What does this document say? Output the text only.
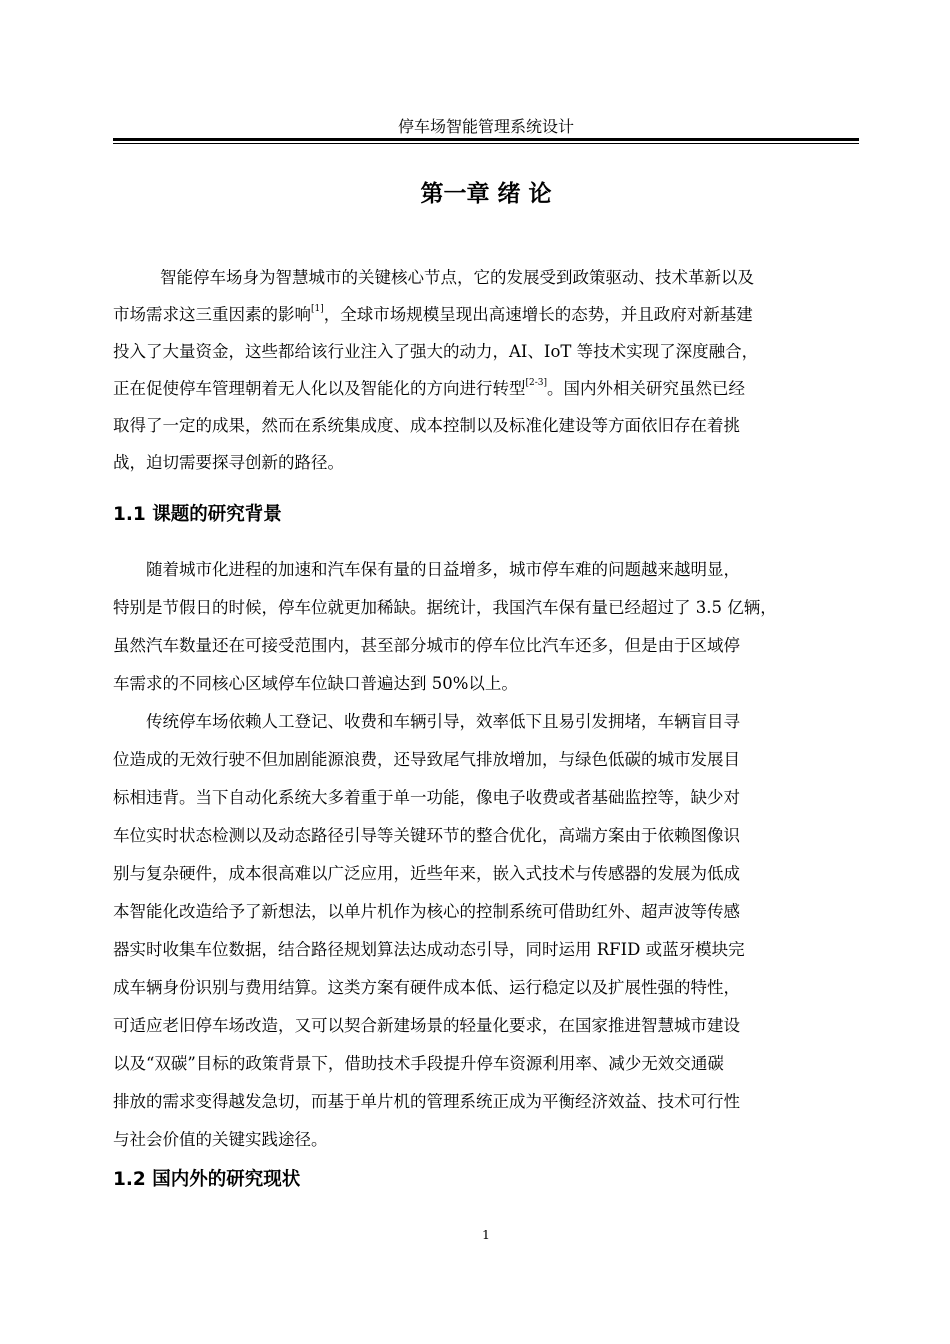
停车场智能管理系统设计
第一章 绪 论
智能停车场身为智慧城市的关键核心节点，它的发展受到政策驱动、技术革新以及
市场需求这三重因素的影响[1]，全球市场规模呈现出高速增长的态势，并且政府对新基建
投入了大量资金，这些都给该行业注入了强大的动力，AI、IoT 等技术实现了深度融合，
正在促使停车管理朝着无人化以及智能化的方向进行转型[2-3]。国内外相关研究虽然已经
取得了一定的成果，然而在系统集成度、成本控制以及标准化建设等方面依旧存在着挑
战，迫切需要探寻创新的路径。
1.1 课题的研究背景
随着城市化进程的加速和汽车保有量的日益增多，城市停车难的问题越来越明显，
特别是节假日的时候，停车位就更加稀缺。据统计，我国汽车保有量已经超过了 3.5 亿辆，
虽然汽车数量还在可接受范围内，甚至部分城市的停车位比汽车还多，但是由于区域停
车需求的不同核心区域停车位缺口普遍达到 50%以上。
传统停车场依赖人工登记、收费和车辆引导，效率低下且易引发拥堵，车辆盲目寻
位造成的无效行驶不但加剧能源浪费，还导致尾气排放增加，与绿色低碳的城市发展目
标相违背。当下自动化系统大多着重于单一功能，像电子收费或者基础监控等，缺少对
车位实时状态检测以及动态路径引导等关键环节的整合优化，高端方案由于依赖图像识
别与复杂硬件，成本很高难以广泛应用，近些年来，嵌入式技术与传感器的发展为低成
本智能化改造给予了新想法，以单片机作为核心的控制系统可借助红外、超声波等传感
器实时收集车位数据，结合路径规划算法达成动态引导，同时运用 RFID 或蓝牙模块完
成车辆身份识别与费用结算。这类方案有硬件成本低、运行稳定以及扩展性强的特性，
可适应老旧停车场改造，又可以契合新建场景的轻量化要求，在国家推进智慧城市建设
以及“双碳”目标的政策背景下，借助技术手段提升停车资源利用率、减少无效交通碳
排放的需求变得越发急切，而基于单片机的管理系统正成为平衡经济效益、技术可行性
与社会价值的关键实践途径。
1.2 国内外的研究现状
1
